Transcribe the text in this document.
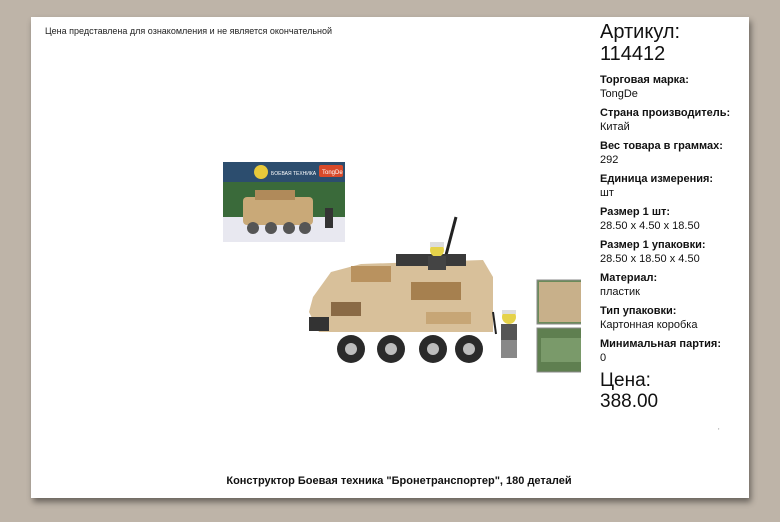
Цена представлена для ознакомления и не является окончательной
БОЕВАЯ ТЕХНИКА TongDe
Артикул:
114412
Торговая марка:
TongDe
Страна производитель:
Китай
Вес товара в граммах:
292
Единица измерения:
шт
Размер 1 шт:
28.50 x 4.50 x 18.50
Размер 1 упаковки:
28.50 x 18.50 x 4.50
Материал:
пластик
Тип упаковки:
Картонная коробка
Минимальная партия:
0
Цена:
388.00
'
Конструктор Боевая техника "Бронетранспортер", 180 деталей
